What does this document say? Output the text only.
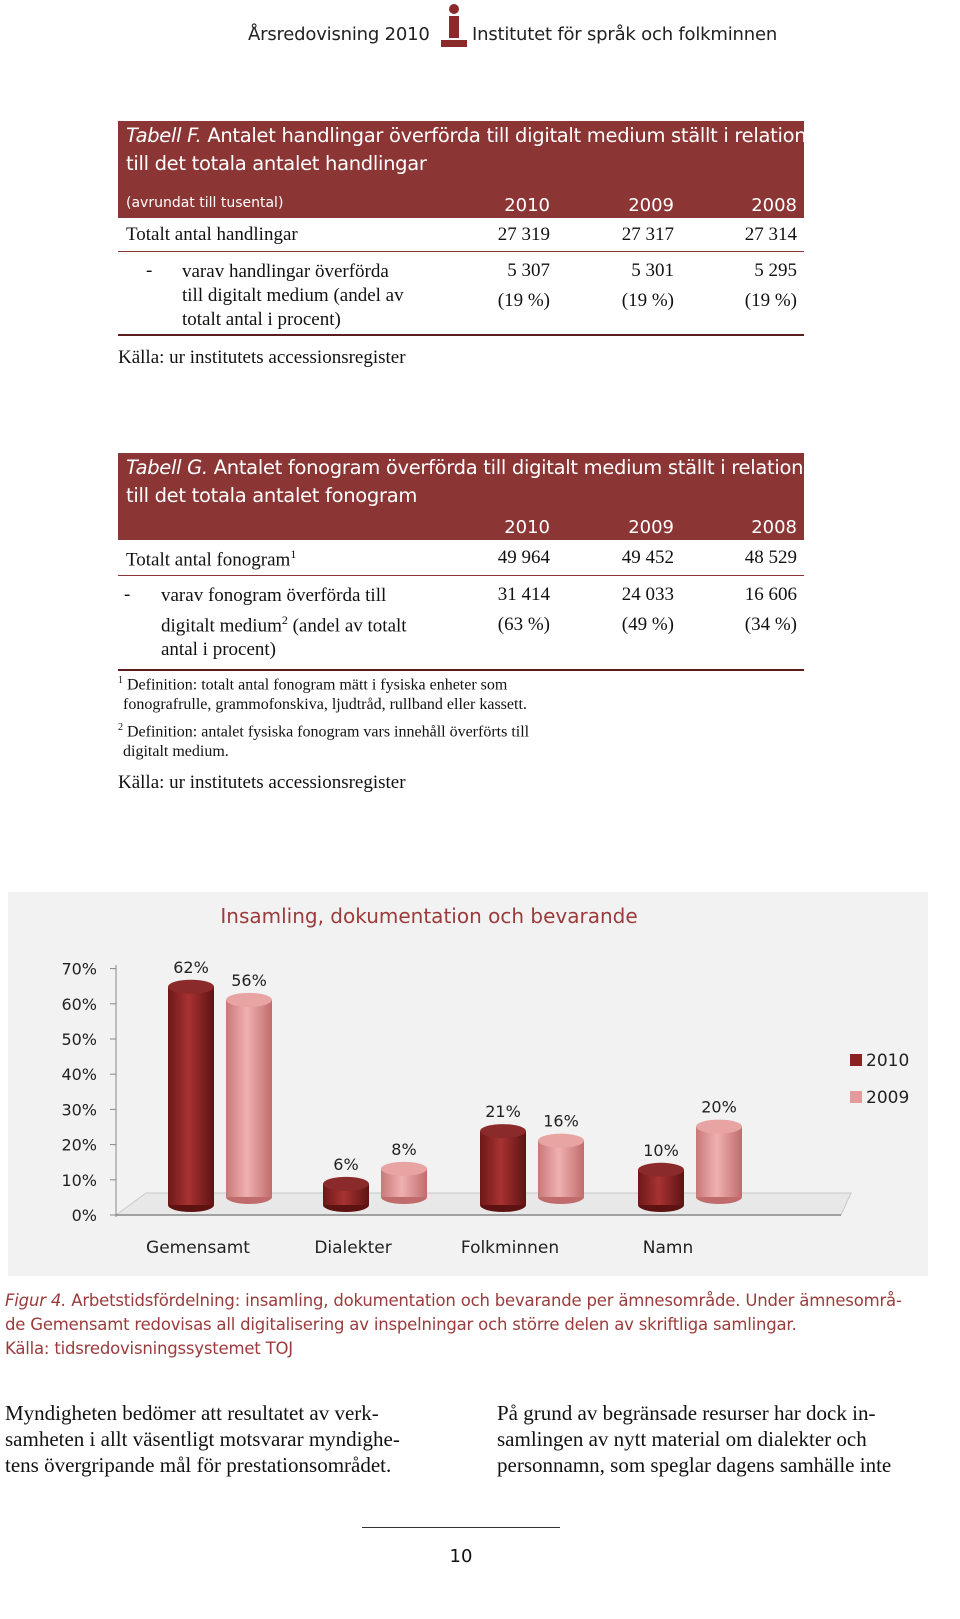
Årsredovisning 2010 Institutet för språk och folkminnen
Tabell F. Antalet handlingar överförda till digitalt medium ställt i relation
till det totala antalet handlingar
(avrundat till tusental)	2010	2009	2008
Totalt antal handlingar	27 319	27 317	27 314
- varav handlingar överförda
till digitalt medium (andel av
totalt antal i procent)
5 307	5 301	5 295
(19 %)	(19 %)	(19 %)
Källa: ur institutets accessionsregister
Tabell G. Antalet fonogram överförda till digitalt medium ställt i relation
till det totala antalet fonogram
2010	2009	2008
Totalt antal fonogram$^1$	49 964	49 452	48 529
- varav fonogram överförda till
digitalt medium$^2$ (andel av totalt
antal i procent)
31 414	24 033	16 606
(63 %)	(49 %)	(34 %)
$^1$ Definition: totalt antal fonogram mätt i fysiska enheter som
fonografrulle, grammofonskiva, ljudtråd, rullband eller kassett.
$^2$ Definition: antalet fysiska fonogram vars innehåll överförts till
digitalt medium.
Källa: ur institutets accessionsregister
Insamling, dokumentation och bevarande
0%
10%
20%
30%
40%
50%
60%
70%	62%
56%
Gemensamt
6%
8%
Dialekter
21%
16%
Folkminnen
10%
20%
Namn
2010
2009
Figur 4. Arbetstidsfördelning: insamling, dokumentation och bevarande per ämnesområde. Under ämnesområ-
de Gemensamt redovisas all digitalisering av inspelningar och större delen av skriftliga samlingar.
Källa: tidsredovisningssystemet TOJ
Myndigheten bedömer att resultatet av verk-
samheten i allt väsentligt motsvarar myndighe-
tens övergripande mål för prestationsområdet.
På grund av begränsade resurser har dock in-
samlingen av nytt material om dialekter och
personnamn, som speglar dagens samhälle inte
10
